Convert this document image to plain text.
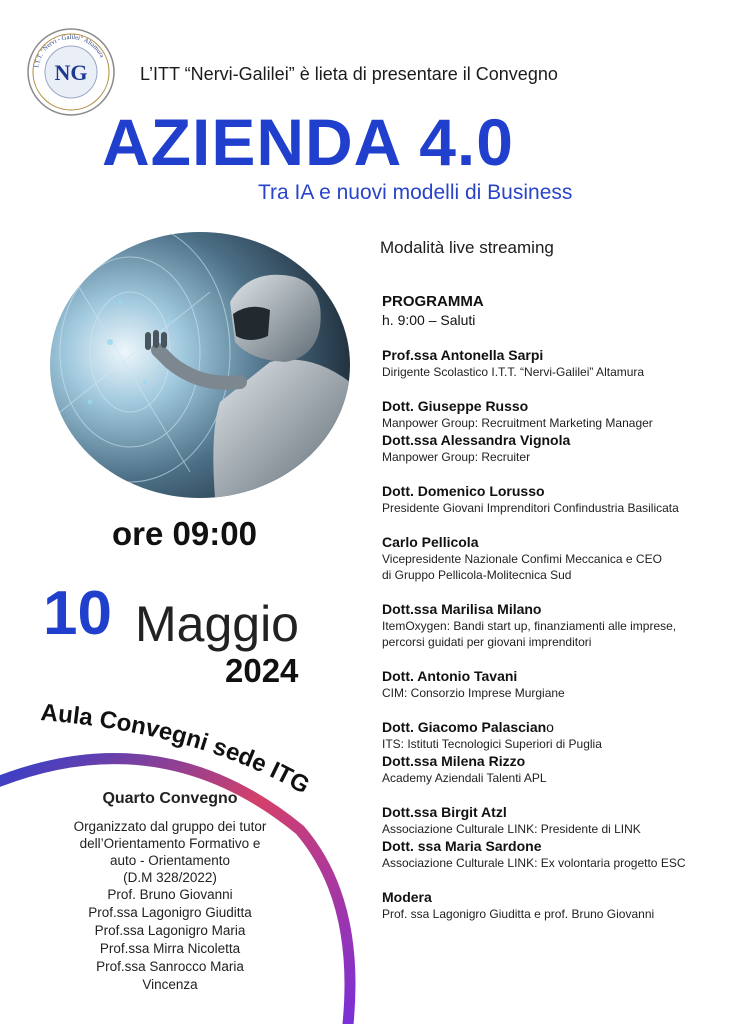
I.T.T. "Nervi - Galilei" Altamura
NG	L’ITT “Nervi-Galilei” è lieta di presentare il Convegno
AZIENDA 4.0
Tra IA e nuovi modelli di Business
Modalità live streaming
ore 09:00
10 Maggio
2024
Aula Convegni sede ITG
Quarto Convegno
Organizzato dal gruppo dei tutor
dell’Orientamento Formativo e
auto - Orientamento
(D.M 328/2022)
Prof. Bruno Giovanni
Prof.ssa Lagonigro Giuditta
Prof.ssa Lagonigro Maria
Prof.ssa Mirra Nicoletta
Prof.ssa Sanrocco Maria
Vincenza
PROGRAMMA
h. 9:00 – Saluti
Prof.ssa Antonella Sarpi
Dirigente Scolastico I.T.T. “Nervi-Galilei” Altamura
Dott. Giuseppe Russo
Manpower Group: Recruitment Marketing Manager
Dott.ssa Alessandra Vignola
Manpower Group: Recruiter
Dott. Domenico Lorusso
Presidente Giovani Imprenditori Confindustria Basilicata
Carlo Pellicola
Vicepresidente Nazionale Confimi Meccanica e CEO di Gruppo Pellicola-Molitecnica Sud
Dott.ssa Marilisa Milano
ItemOxygen: Bandi start up, finanziamenti alle imprese, percorsi guidati per giovani imprenditori
Dott. Antonio Tavani
CIM: Consorzio Imprese Murgiane
Dott. Giacomo Palasciano
ITS: Istituti Tecnologici Superiori di Puglia
Dott.ssa Milena Rizzo
Academy Aziendali Talenti APL
Dott.ssa Birgit Atzl
Associazione Culturale LINK: Presidente di LINK
Dott. ssa Maria Sardone
Associazione Culturale LINK: Ex volontaria progetto ESC
Modera
Prof. ssa Lagonigro Giuditta e prof. Bruno Giovanni
